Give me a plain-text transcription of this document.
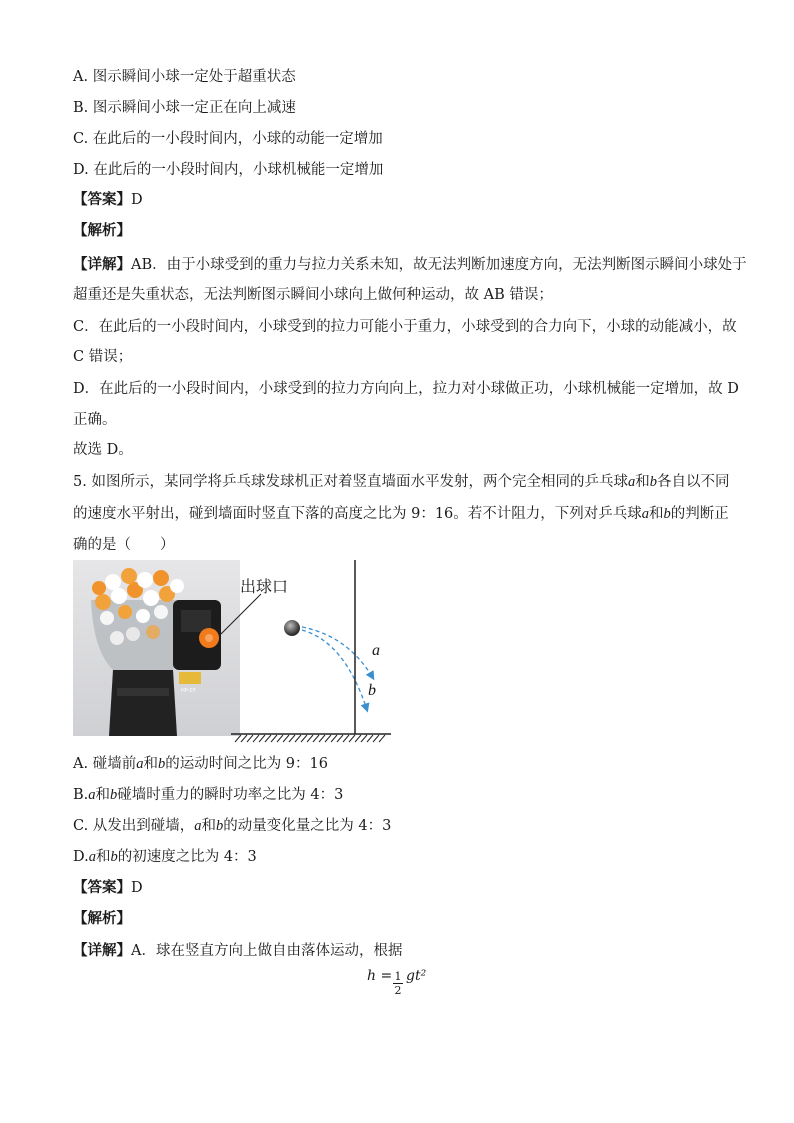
A. 图示瞬间小球一定处于超重状态
B. 图示瞬间小球一定正在向上减速
C. 在此后的一小段时间内，小球的动能一定增加
D. 在此后的一小段时间内，小球机械能一定增加
【答案】D
【解析】
【详解】AB．由于小球受到的重力与拉力关系未知，故无法判断加速度方向，无法判断图示瞬间小球处于
超重还是失重状态，无法判断图示瞬间小球向上做何种运动，故 AB 错误；
C．在此后的一小段时间内，小球受到的拉力可能小于重力，小球受到的合力向下，小球的动能减小，故
C 错误；
D．在此后的一小段时间内，小球受到的拉力方向向上，拉力对小球做正功，小球机械能一定增加，故 D
正确。
故选 D。
5. 如图所示，某同学将乒乓球发球机正对着竖直墙面水平发射，两个完全相同的乒乓球a和b各自以不同
的速度水平射出，碰到墙面时竖直下落的高度之比为 9：16。若不计阻力，下列对乒乓球a和b的判断正
确的是（　　）
HP-07
出球口
a
b
A. 碰墙前a和b的运动时间之比为 9：16
B.a和b碰墙时重力的瞬时功率之比为 4：3
C. 从发出到碰墙，a和b的动量变化量之比为 4：3
D.a和b的初速度之比为 4：3
【答案】D
【解析】
【详解】A．球在竖直方向上做自由落体运动，根据
$h = \frac{1}{2} gt^2$
